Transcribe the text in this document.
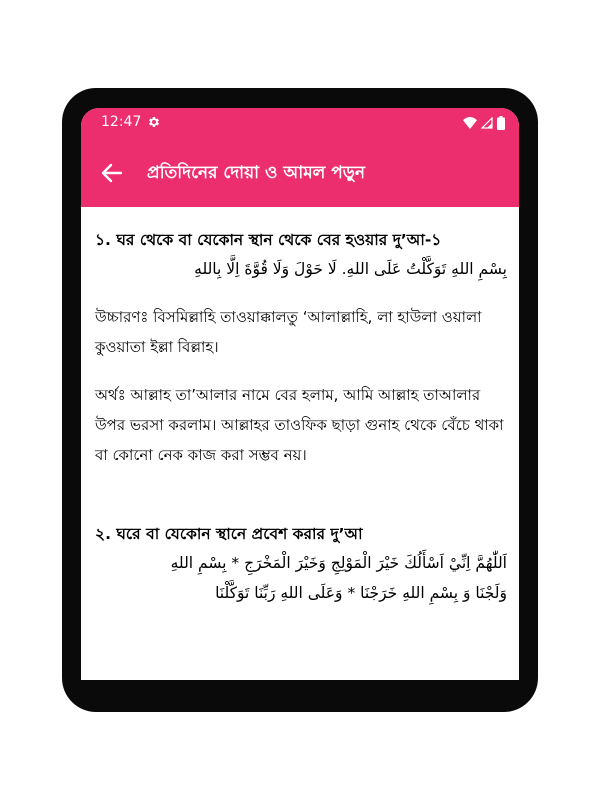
12:47
প্রতিদিনের দোয়া ও আমল পড়ুন
১. ঘর থেকে বা যেকোন স্থান থেকে বের হওয়ার দু’আ-১
بِسْمِ اللهِ تَوَكَّلْتُ عَلَى اللهِ. لَا حَوْلَ وَلَا قُوَّةَ اِلَّا بِاللهِ

উচ্চারণঃ বিসমিল্লাহি তাওয়াক্কালতু ‘আলাল্লাহি, লা হাউলা ওয়ালা কুওয়াতা ইল্লা বিল্লাহ।

অর্থঃ আল্লাহ তা’আলার নামে বের হলাম, আমি আল্লাহ তাআলার উপর ভরসা করলাম। আল্লাহর তাওফিক ছাড়া গুনাহ থেকে বেঁচে থাকা বা কোনো নেক কাজ করা সম্ভব নয়।

২. ঘরে বা যেকোন স্থানে প্রবেশ করার দু’আ
اَللّٰهُمَّ اِنِّيْ اَسْأَلُكَ خَيْرَ الْمَوْلِجِ وَخَيْرَ الْمَخْرَجِ * بِسْمِ اللهِ
وَلَجْنَا وَ بِسْمِ اللهِ خَرَجْنَا * وَعَلَى اللهِ رَبِّنَا تَوَكَّلْنَا
